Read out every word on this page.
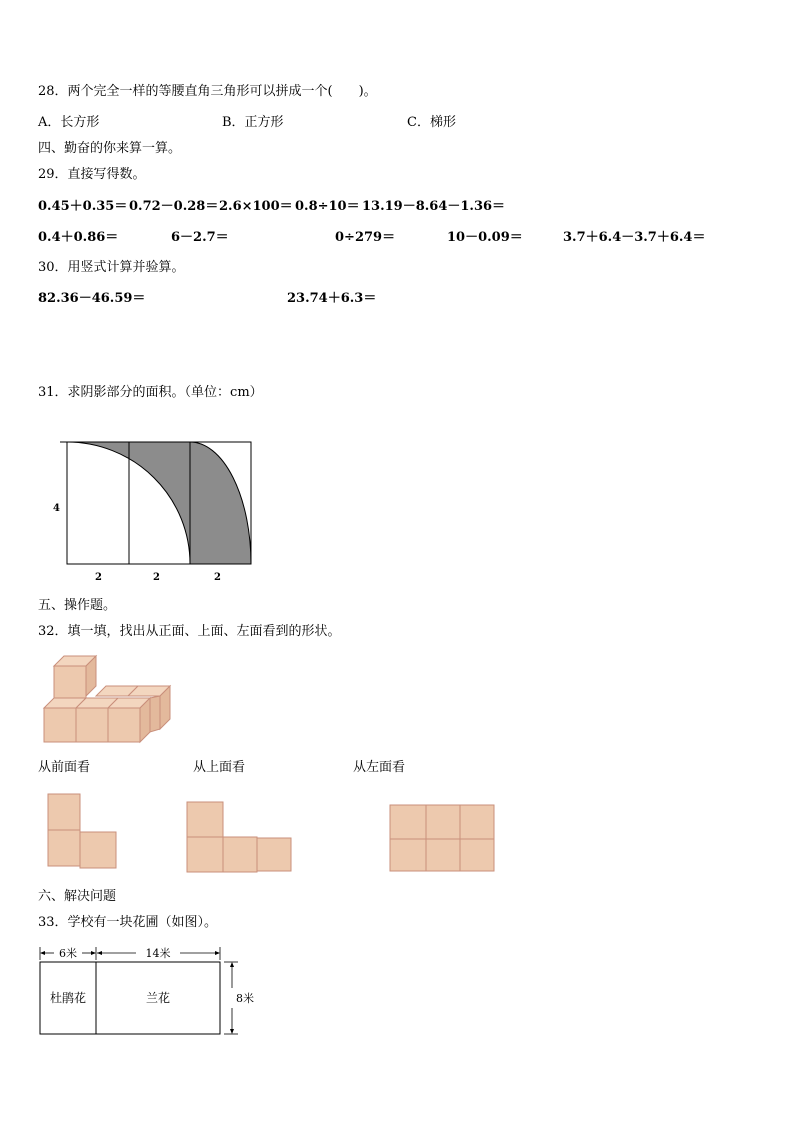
28．两个完全一样的等腰直角三角形可以拼成一个(　　)。
A．长方形	B．正方形	C．梯形
四、勤奋的你来算一算。
29．直接写得数。
0.45＋0.35＝ 0.72－0.28＝ 2.6×100＝ 0.8÷10＝ 13.19－8.64－1.36＝
0.4＋0.86＝	6－2.7＝	0÷279＝	10－0.09＝	3.7＋6.4－3.7＋6.4＝
30．用竖式计算并验算。
82.36－46.59＝	23.74＋6.3＝
31．求阴影部分的面积。（单位：cm）
4
2	2	2
五、操作题。
32．填一填，找出从正面、上面、左面看到的形状。
从前面看	从上面看	从左面看
六、解决问题
33．学校有一块花圃（如图）。
6米	14米
杜鹃花	兰花	8米
